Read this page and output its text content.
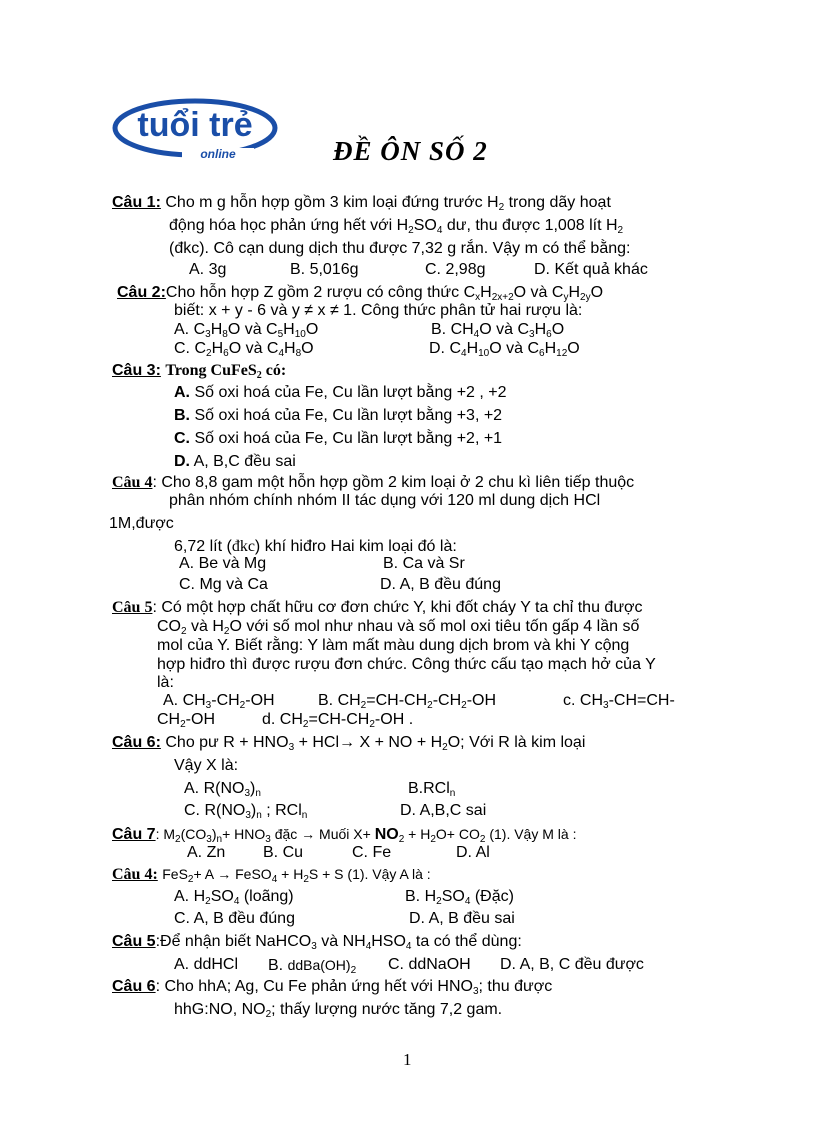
tuổi trẻ
online	ĐỀ ÔN SỐ 2
Câu 1: Cho m g hỗn hợp gồm 3 kim loại đứng trước $H_2$ trong dãy hoạt
động hóa học phản ứng hết với $H_2SO_4$ dư, thu được 1,008 lít $H_2$
(đkc). Cô cạn dung dịch thu được 7,32 g rắn. Vậy m có thể bằng:
A. 3g	B. 5,016g	C. 2,98g	D. Kết quả khác
Câu 2:Cho hỗn hợp Z gồm 2 rượu có công thức $C_xH_{2x+2}O$ và $C_yH_{2y}O$
biết: x + y - 6 và y ≠ x ≠ 1. Công thức phân tử hai rượu là:
A. $C_3H_8O$ và $C_5H_{10}O$	B. $CH_4O$ và $C_3H_6O$
C. $C_2H_6O$ và $C_4H_8O$	D. $C_4H_{10}O$ và $C_6H_{12}O$
Câu 3: Trong CuFeS$_2$ có:
A. Số oxi hoá của Fe, Cu lần lượt bằng +2 , +2
B. Số oxi hoá của Fe, Cu lần lượt bằng +3, +2
C. Số oxi hoá của Fe, Cu lần lượt bằng +2, +1
D. A, B,C đều sai
Câu 4: Cho 8,8 gam một hỗn hợp gồm 2 kim loại ở 2 chu kì liên tiếp thuộc
phân nhóm chính nhóm II tác dụng với 120 ml dung dịch HCl
1M,được
6,72 lít (đkc) khí hiđro Hai kim loại đó là:
A. Be và Mg	B. Ca và Sr
C. Mg và Ca	D. A, B đều đúng
Câu 5: Có một hợp chất hữu cơ đơn chức Y, khi đốt cháy Y ta chỉ thu được
$CO_2$ và $H_2O$ với số mol như nhau và số mol oxi tiêu tốn gấp 4 lần số
mol của Y. Biết rằng: Y làm mất màu dung dịch brom và khi Y cộng
hợp hiđro thì được rượu đơn chức. Công thức cấu tạo mạch hở của Y
là:
A. $CH_3-CH_2-OH$	B. $CH_2=CH-CH_2-CH_2-OH$	c. $CH_3-CH=CH-$
$CH_2-OH$	d. $CH_2=CH-CH_2-OH$ .
Câu 6: Cho pư $R + HNO_3 + HCl\to X$ + NO + $H_2O$; Với R là kim loại
Vậy X là:
A. $R(NO_3)_n$	B.RCl$_n$
C. $R(NO_3)_n$ ; RCl$_n$	D. A,B,C sai
Câu 7: $M_2(CO_3)_n+ HNO_3$ đặc → Muối $X+ NO_2 + H_2O+ CO_2$ (1). Vậy M là :
A. Zn B. Cu	C. Fe	D. Al
Câu 4: FeS$_2$+ A → FeSO$_4$ + $H_2S + S$ (1). Vậy A là :
A. $H_2SO_4$ (loãng)	B. $H_2SO_4$ (Đặc)
C. A, B đều đúng	D. A, B đều sai
Câu 5:Để nhận biết NaHCO$_3$ và $NH_4HSO_4$ ta có thể dùng:
A. ddHCl B. $ddBa(OH)_2$ C. ddNaOH D. A, B, C đều được
Câu 6: Cho hhA; Ag, Cu Fe phản ứng hết với $HNO_3$; thu được
hhG:NO, $NO_2$; thấy lượng nước tăng 7,2 gam.
1
